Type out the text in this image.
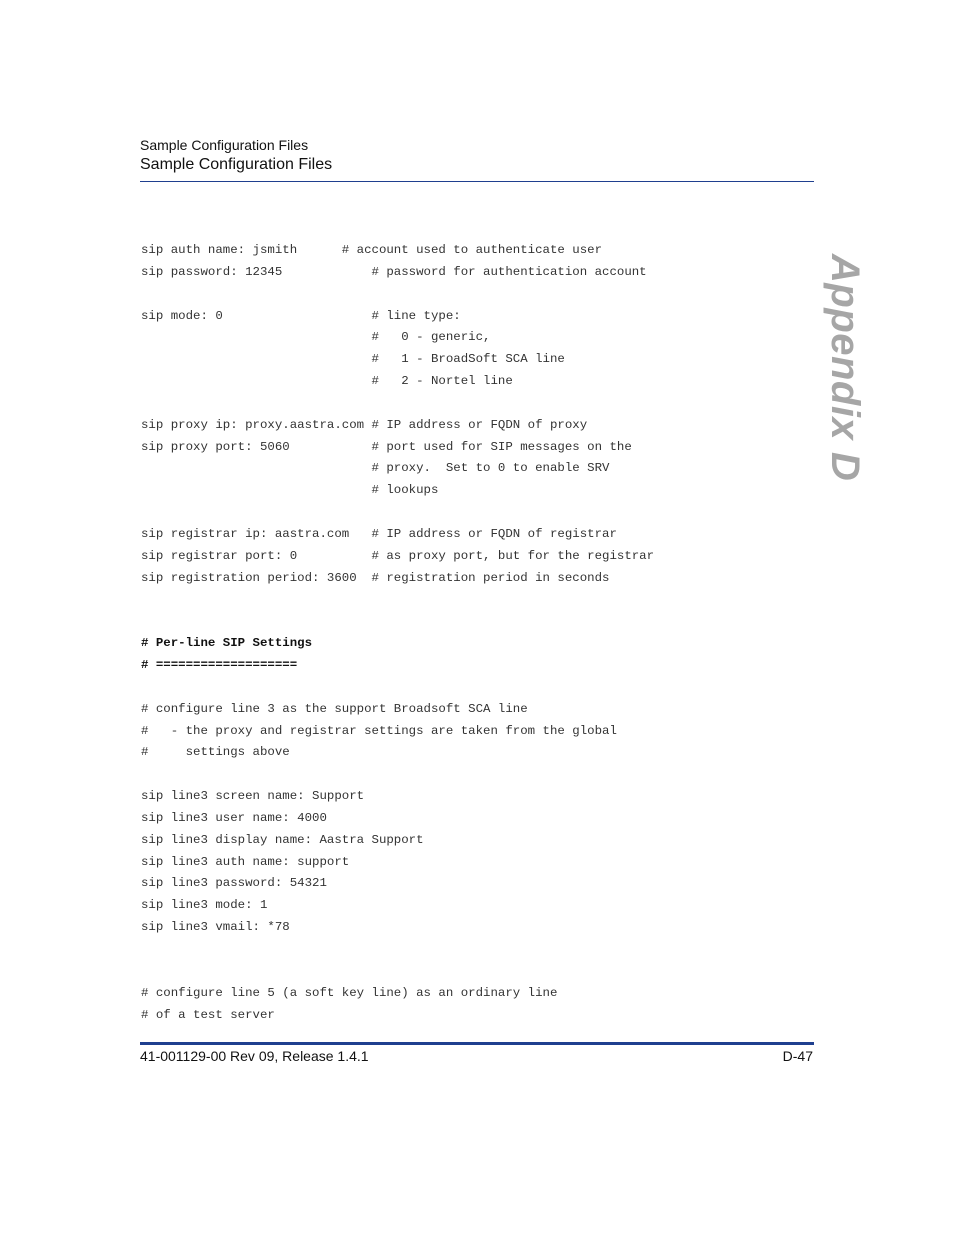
Sample Configuration Files
Sample Configuration Files
Appendix D
sip auth name: jsmith      # account used to authenticate user
sip password: 12345            # password for authentication account
sip mode: 0                    # line type:
#   0 - generic,
#   1 - BroadSoft SCA line
#   2 - Nortel line
sip proxy ip: proxy.aastra.com # IP address or FQDN of proxy
sip proxy port: 5060           # port used for SIP messages on the
# proxy.  Set to 0 to enable SRV
# lookups
sip registrar ip: aastra.com   # IP address or FQDN of registrar
sip registrar port: 0          # as proxy port, but for the registrar
sip registration period: 3600  # registration period in seconds
# Per-line SIP Settings
# ===================
# configure line 3 as the support Broadsoft SCA line
#   - the proxy and registrar settings are taken from the global
#     settings above
sip line3 screen name: Support
sip line3 user name: 4000
sip line3 display name: Aastra Support
sip line3 auth name: support
sip line3 password: 54321
sip line3 mode: 1
sip line3 vmail: *78
# configure line 5 (a soft key line) as an ordinary line
# of a test server
41-001129-00 Rev 09, Release 1.4.1	D-47
